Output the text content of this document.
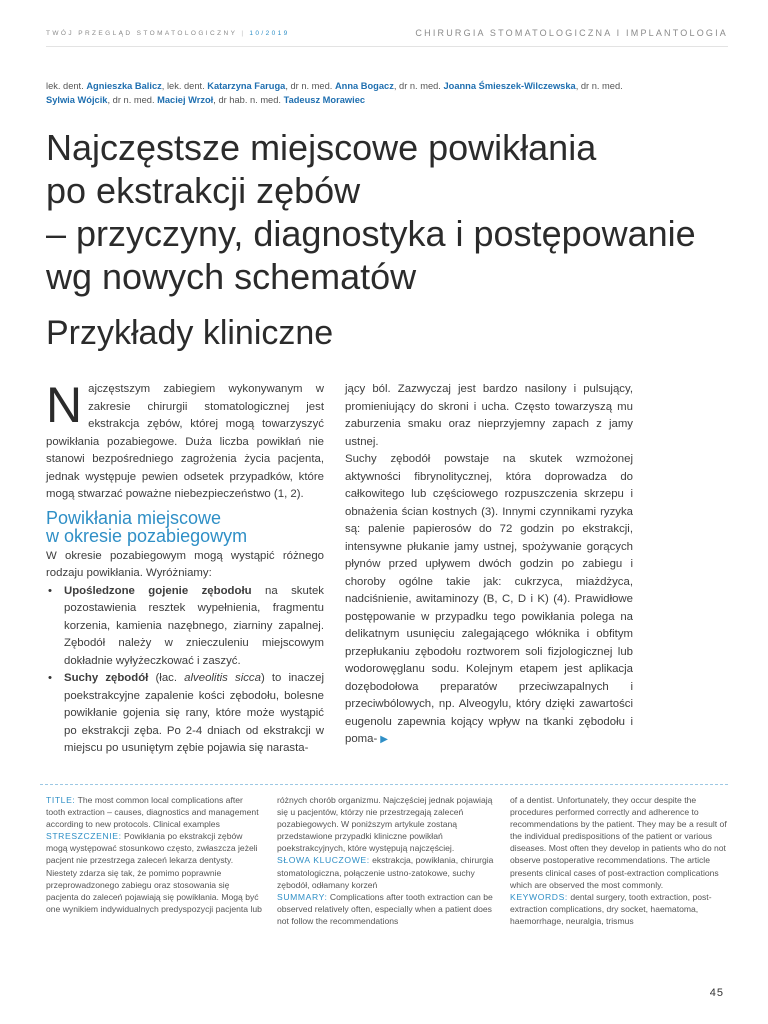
TWÓJ PRZEGLĄD STOMATOLOGICZNY | 10/2019	CHIRURGIA STOMATOLOGICZNA I IMPLANTOLOGIA
lek. dent. Agnieszka Balicz, lek. dent. Katarzyna Faruga, dr n. med. Anna Bogacz, dr n. med. Joanna Śmieszek-Wilczewska, dr n. med. Sylwia Wójcik, dr n. med. Maciej Wrzoł, dr hab. n. med. Tadeusz Morawiec
Najczęstsze miejscowe powikłania
po ekstrakcji zębów
– przyczyny, diagnostyka i postępowanie
wg nowych schematów
Przykłady kliniczne

Najczęstszym zabiegiem wykonywanym w zakresie chirurgii stomatologicznej jest ekstrakcja zębów, której mogą towarzyszyć powikłania pozabiegowe. Duża liczba powikłań nie stanowi bezpośredniego zagrożenia życia pacjenta, jednak występuje pewien odsetek przypadków, które mogą stwarzać poważne niebezpieczeństwo (1, 2).

Powikłania miejscowe
w okresie pozabiegowym

W okresie pozabiegowym mogą wystąpić różnego rodzaju powikłania. Wyróżniamy:

• Upośledzone gojenie zębodołu na skutek pozostawienia resztek wypełnienia, fragmentu korzenia, kamienia nazębnego, ziarniny zapalnej. Zębodół należy w znieczuleniu miejscowym dokładnie wyłyżeczkować i zaszyć.
• Suchy zębodół (łac. alveolitis sicca) to inaczej poekstrakcyjne zapalenie kości zębodołu, bolesne powikłanie gojenia się rany, które może wystąpić po ekstrakcji zęba. Po 2-4 dniach od ekstrakcji w miejscu po usuniętym zębie pojawia się narasta-

jący ból. Zazwyczaj jest bardzo nasilony i pulsujący, promieniujący do skroni i ucha. Często towarzyszą mu zaburzenia smaku oraz nieprzyjemny zapach z jamy ustnej.

Suchy zębodół powstaje na skutek wzmożonej aktywności fibrynolitycznej, która doprowadza do całkowitego lub częściowego rozpuszczenia skrzepu i obnażenia ścian kostnych (3). Innymi czynnikami ryzyka są: palenie papierosów do 72 godzin po ekstrakcji, intensywne płukanie jamy ustnej, spożywanie gorących płynów przed upływem dwóch godzin po zabiegu i choroby ogólne takie jak: cukrzyca, miażdżyca, nadciśnienie, awitaminozy (B, C, D i K) (4). Prawidłowe postępowanie w przypadku tego powikłania polega na delikatnym usunięciu zalegającego włóknika i obfitym przepłukaniu zębodołu roztworem soli fizjologicznej lub wodorowęglanu sodu. Kolejnym etapem jest aplikacja dozębodołowa preparatów przeciwzapalnych i przeciwbólowych, np. Alveogylu, który dzięki zawartości eugenolu zapewnia kojący wpływ na tkanki zębodołu i poma- ▶

TITLE: The most common local complications after tooth extraction – causes, diagnostics and management according to new protocols. Clinical examples
STRESZCZENIE: Powikłania po ekstrakcji zębów mogą występować stosunkowo często, zwłaszcza jeżeli pacjent nie przestrzega zaleceń lekarza dentysty. Niestety zdarza się tak, że pomimo poprawnie przeprowadzonego zabiegu oraz stosowania się pacjenta do zaleceń pojawiają się powikłania. Mogą być one wynikiem indywidualnych predyspozycji pacjenta lub
różnych chorób organizmu. Najczęściej jednak pojawiają się u pacjentów, którzy nie przestrzegają zaleceń pozabiegowych. W poniższym artykule zostaną przedstawione przypadki kliniczne powikłań poekstrakcyjnych, które występują najczęściej.
SŁOWA KLUCZOWE: ekstrakcja, powikłania, chirurgia stomatologiczna, połączenie ustno-zatokowe, suchy zębodół, odłamany korzeń
SUMMARY: Complications after tooth extraction can be observed relatively often, especially when a patient does not follow the recommendations
of a dentist. Unfortunately, they occur despite the procedures performed correctly and adherence to recommendations by the patient. They may be a result of the individual predispositions of the patient or various diseases. Most often they develop in patients who do not observe postoperative recommendations. The article presents clinical cases of post-extraction complications which are observed the most commonly.
KEYWORDS: dental surgery, tooth extraction, post-extraction complications, dry socket, haematoma, haemorrhage, neuralgia, trismus
45
